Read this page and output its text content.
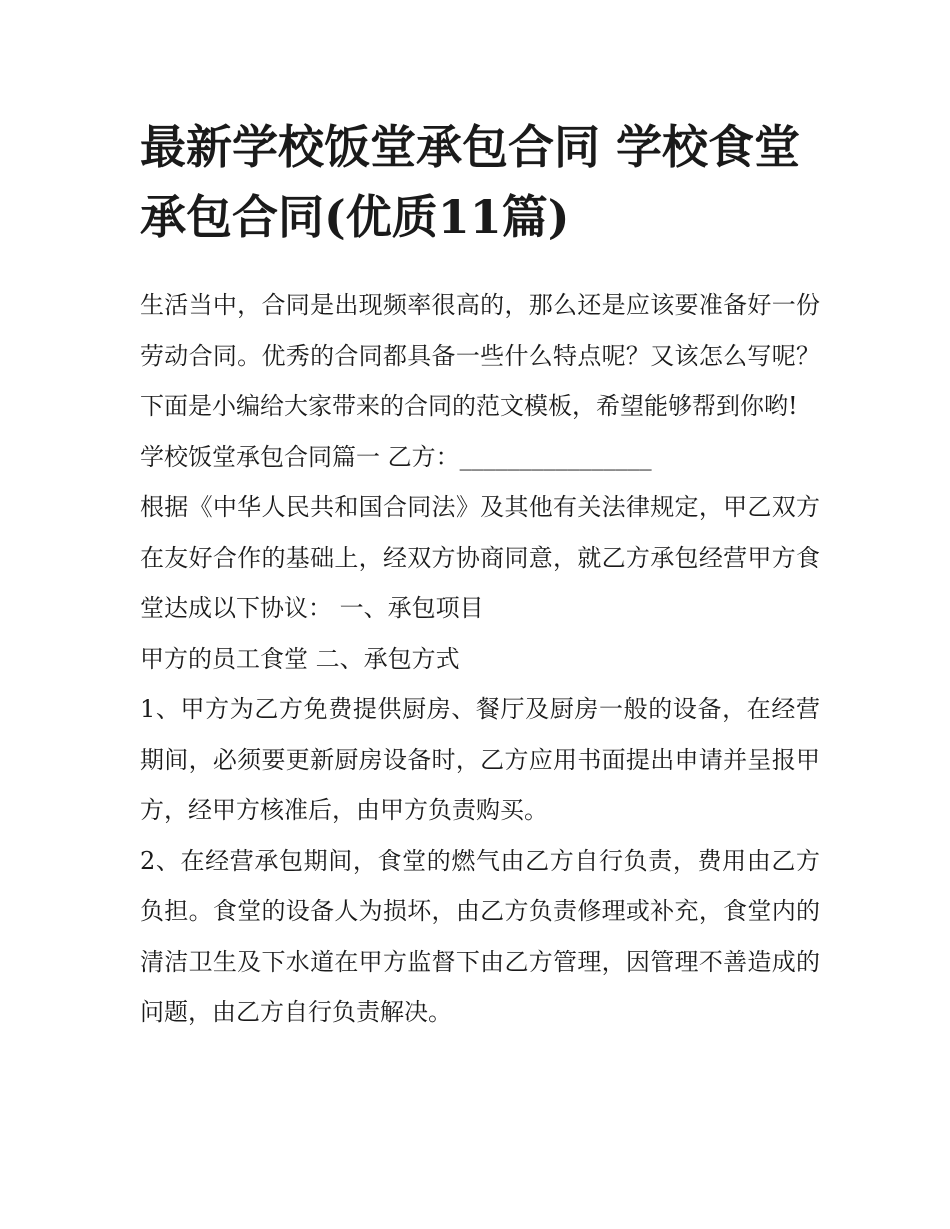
最新学校饭堂承包合同 学校食堂承包合同(优质11篇)

生活当中，合同是出现频率很高的，那么还是应该要准备好一份劳动合同。优秀的合同都具备一些什么特点呢？又该怎么写呢？下面是小编给大家带来的合同的范文模板，希望能够帮到你哟!

学校饭堂承包合同篇一 乙方：________________

根据《中华人民共和国合同法》及其他有关法律规定，甲乙双方在友好合作的基础上，经双方协商同意，就乙方承包经营甲方食堂达成以下协议： 一、承包项目

甲方的员工食堂 二、承包方式

1、甲方为乙方免费提供厨房、餐厅及厨房一般的设备，在经营期间，必须要更新厨房设备时，乙方应用书面提出申请并呈报甲方，经甲方核准后，由甲方负责购买。

2、在经营承包期间，食堂的燃气由乙方自行负责，费用由乙方负担。食堂的设备人为损坏，由乙方负责修理或补充，食堂内的清洁卫生及下水道在甲方监督下由乙方管理，因管理不善造成的问题，由乙方自行负责解决。
